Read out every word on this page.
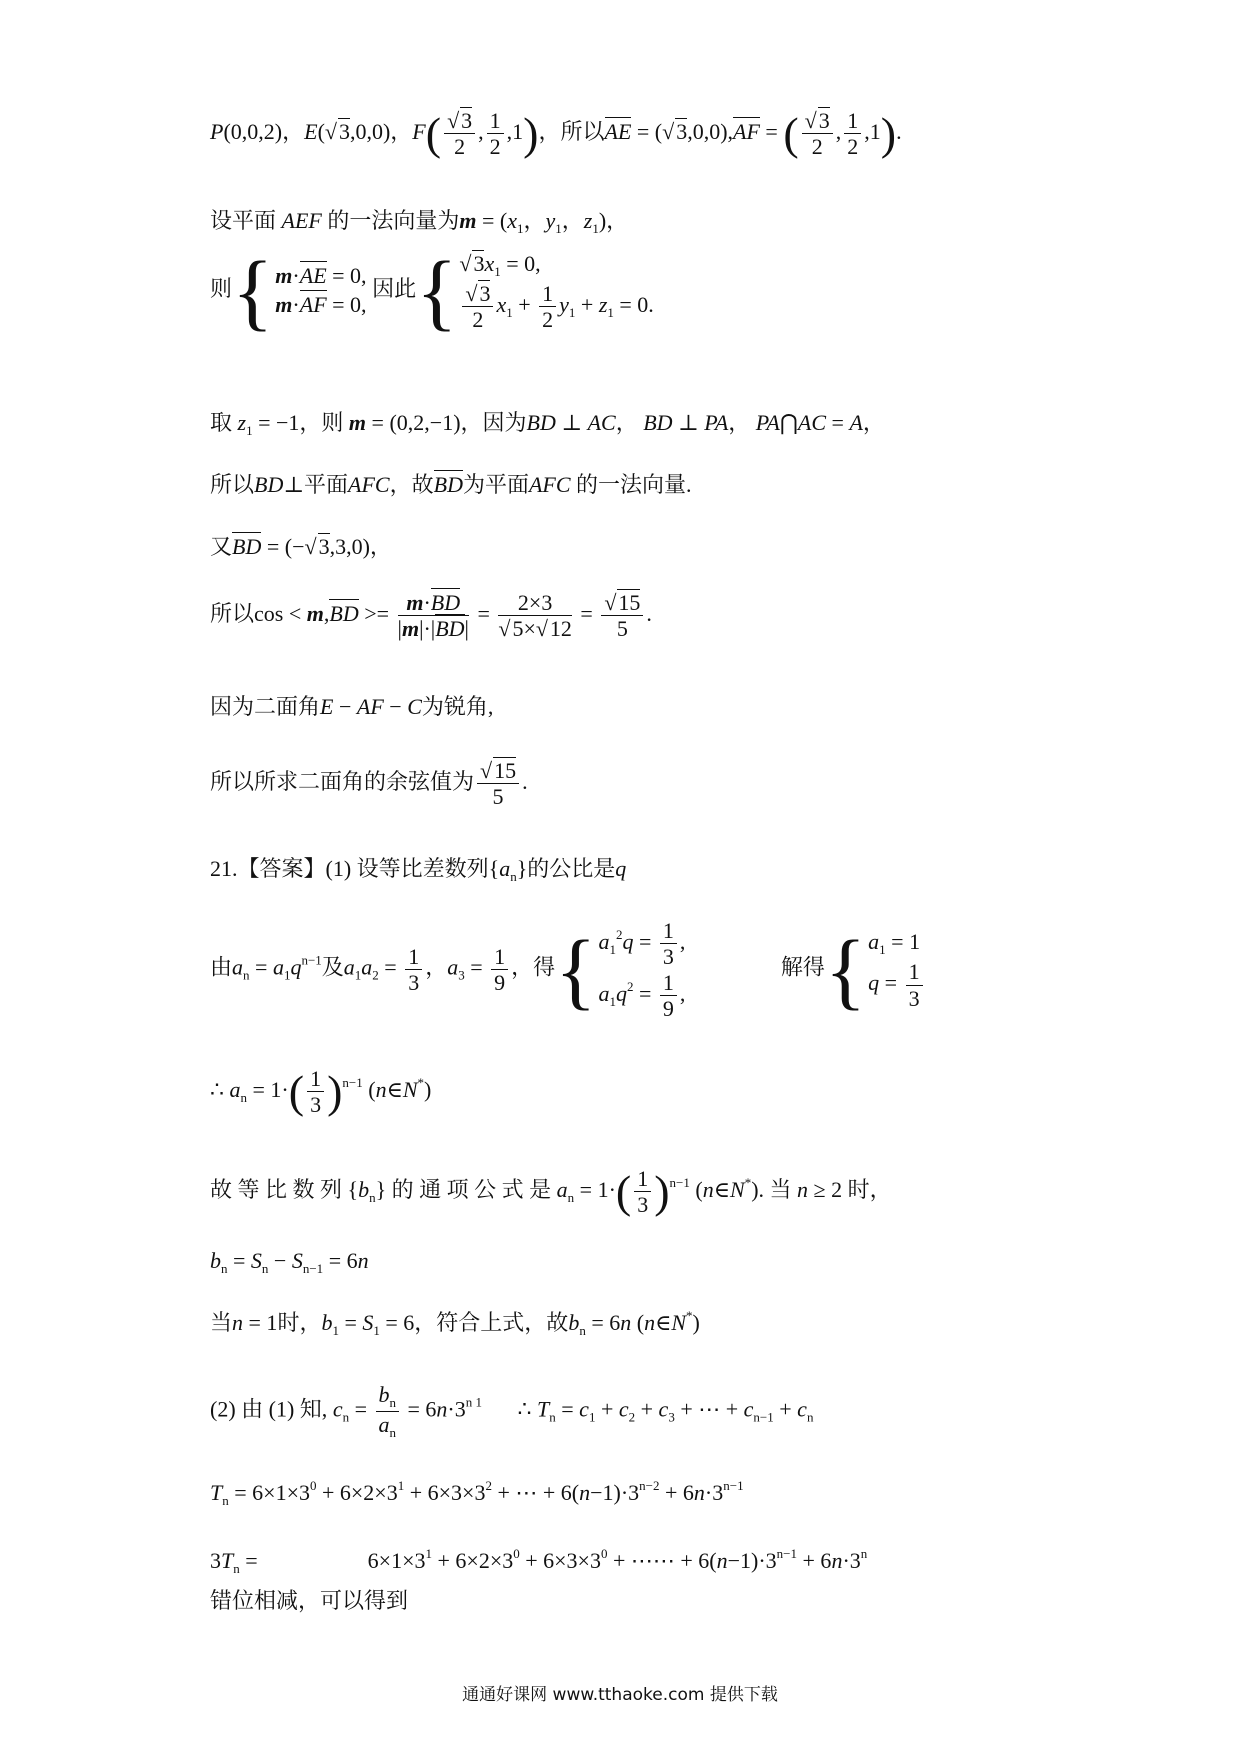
P(0,0,2)，E(√3,0,0)，$F( \frac{√3}{2}$ , $\frac{1}{2} ,1$)，所以AE = (√3,0,0),AF = ( $\frac{√3}{2}$ , $\frac{1}{2} ,1$).
设平面 AEF 的一法向量为$m = (x_1$，$y_1$，$z_1$)，
则{ m·AE = 0,
m·AF = 0,
因此{ $√3x_1 = 0$,
$\frac{√3}{2} x_1 + \frac{1}{2} y_1 + z_1 = 0$.
取 $z_1 = -1$，则 m = (0,2,−1)，因为BD ⊥ AC， BD ⊥ PA， PA⋂AC = A，
所以BD⊥平面AFC，故BD为平面AFC 的一法向量.
又BD = (−√3,3,0)，
所以$\cos < m,BD >= \frac{m\cdot BD}{|m|\cdot|BD|} = \frac{2\times 3}{√5\times√12} = \frac{√15}{5}$ .
因为二面角E − AF − C为锐角,
所以所求二面角的余弦值为 $\frac{√15}{5}$ .
21.【答案】(1) 设等比差数列$\{a_n\}$的公比是q
由$a_n = a_1q^{n-1}$及$a_1a_2 = \frac{1}{3}$ ，$a_3 = \frac{1}{9}$ ，得{ $a_1^2q = \frac{1}{3}$ ,
$a_1q^2 = \frac{1}{9}$ ,
解得{ $a_1 = 1$
$q = \frac{1}{3}$
∴ $a_n = 1\cdot( \frac{1}{3} )^{n-1}$ (n∈N*)
故 等 比 数 列 $\{b_n\}$ 的 通 项 公 式 是 $a_n = 1\cdot( \frac{1}{3} )^{n-1}$ (n∈N*). 当 n ≥ 2 时，
$b_n = S_n - S_{n-1} = 6n$
当n = 1时，$b_1 = S_1 = 6$，符合上式，故$b_n = 6n$ (n∈N*)
(2) 由 (1) 知, $c_n = \frac{b_n}{a_n} = 6n\cdot 3^{n 1}$ ∴ $T_n = c_1 + c_2 + c_3$ + ⋯ + $c_{n-1} + c_n$
$T_n = 6\times 1\times 3^0 + 6\times 2\times 3^1 + 6\times 3\times 3^2$ + ⋯ + $6(n-1)\cdot 3^{n-2} + 6n\cdot 3^{n-1}$
$3T_n$ =	$6\times 1\times 3^1 + 6\times 2\times 3^0 + 6\times 3\times 3^0$ + ⋯⋯ + $6(n-1)\cdot 3^{n-1} + 6n\cdot 3^n$
错位相减，可以得到
通通好课网 www.tthaoke.com 提供下载
